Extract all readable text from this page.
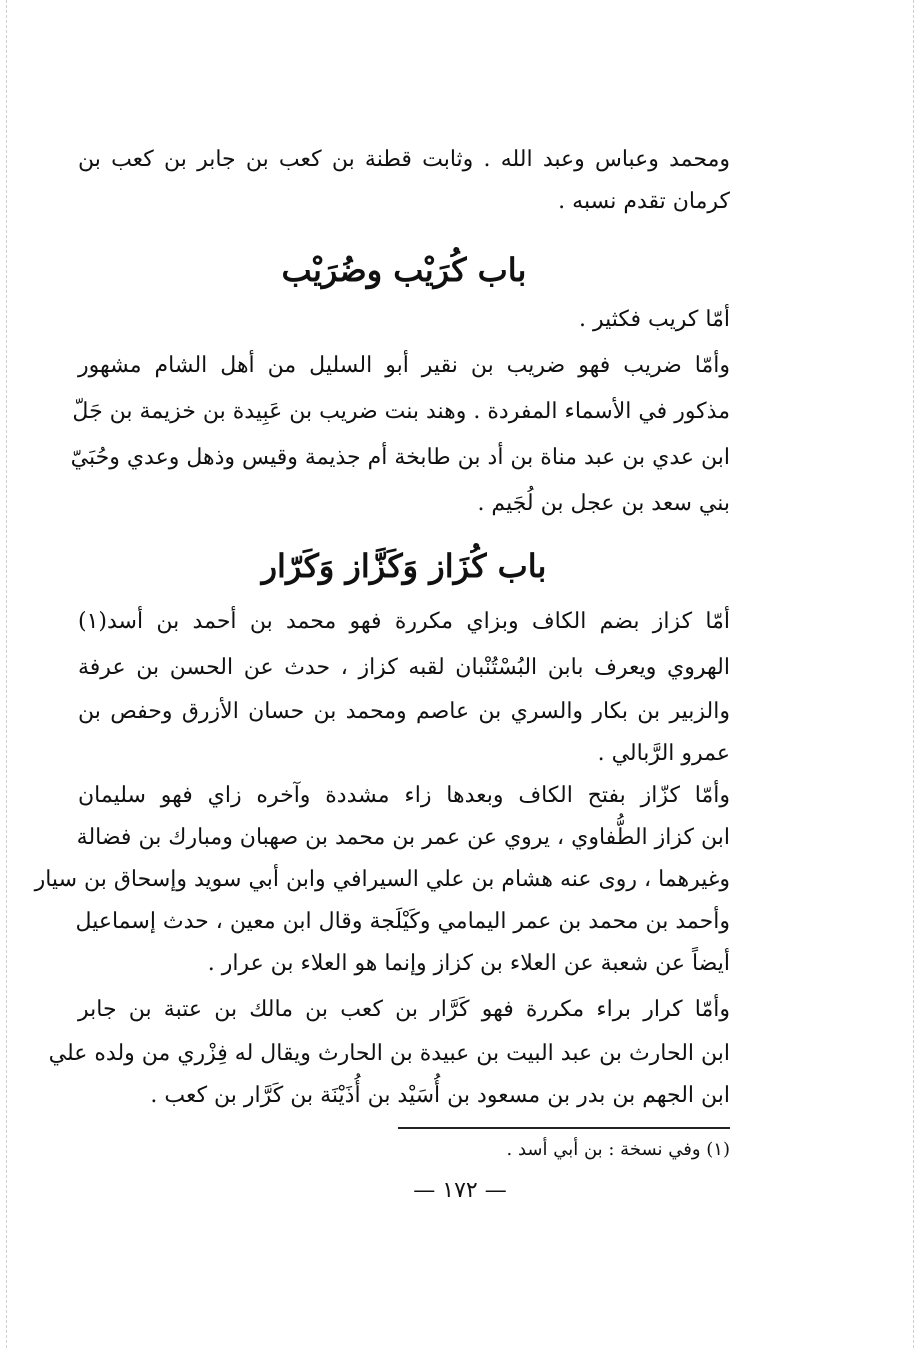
ومحمد وعباس وعبد الله . وثابت قطنة بن كعب بن جابر بن كعب بن
كرمان تقدم نسبه .
باب كُرَيْب وضُرَيْب
أمّا كريب فكثير .
وأمّا ضريب فهو ضريب بن نقير أبو السليل من أهل الشام مشهور
مذكور في الأسماء المفردة . وهند بنت ضريب بن عَبِيدة بن خزيمة بن جَلّ
ابن عدي بن عبد مناة بن أد بن طابخة أم جذيمة وقيس وذهل وعدي وحُبَيّ
بني سعد بن عجل بن لُجَيم .
باب كُزَاز وَكَزَّاز وَكَرّار
أمّا كزاز بضم الكاف وبزاي مكررة فهو محمد بن أحمد بن أسد(١)
الهروي ويعرف بابن البُسْتُنْبان لقبه كزاز ، حدث عن الحسن بن عرفة
والزبير بن بكار والسري بن عاصم ومحمد بن حسان الأزرق وحفص بن
عمرو الرَّبالي .
وأمّا كزّاز بفتح الكاف وبعدها زاء مشددة وآخره زاي فهو سليمان
ابن كزاز الطُّفاوي ، يروي عن عمر بن محمد بن صهبان ومبارك بن فضالة
وغيرهما ، روى عنه هشام بن علي السيرافي وابن أبي سويد وإسحاق بن سيار
وأحمد بن محمد بن عمر اليمامي وكَيْلَجة وقال ابن معين ، حدث إسماعيل
أيضاً عن شعبة عن العلاء بن كزاز وإنما هو العلاء بن عرار .
وأمّا كرار براء مكررة فهو كَرَّار بن كعب بن مالك بن عتبة بن جابر
ابن الحارث بن عبد البيت بن عبيدة بن الحارث ويقال له فِزْري من ولده علي
ابن الجهم بن بدر بن مسعود بن أُسَيْد بن أُذَيْنَة بن كَرَّار بن كعب .
(١) وفي نسخة : بن أبي أسد .
— ١٧٢ —
